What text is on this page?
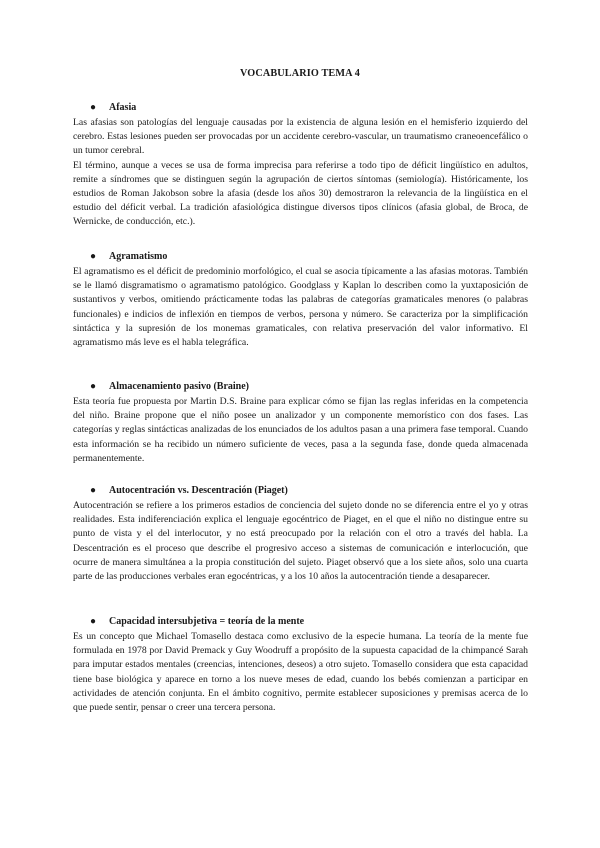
VOCABULARIO TEMA 4
● Afasia

Las afasias son patologías del lenguaje causadas por la existencia de alguna lesión en el hemisferio izquierdo del cerebro. Estas lesiones pueden ser provocadas por un accidente cerebro-vascular, un traumatismo craneoencefálico o un tumor cerebral.

El término, aunque a veces se usa de forma imprecisa para referirse a todo tipo de déficit lingüístico en adultos, remite a síndromes que se distinguen según la agrupación de ciertos síntomas (semiología). Históricamente, los estudios de Roman Jakobson sobre la afasia (desde los años 30) demostraron la relevancia de la lingüística en el estudio del déficit verbal. La tradición afasiológica distingue diversos tipos clínicos (afasia global, de Broca, de Wernicke, de conducción, etc.).

● Agramatismo

El agramatismo es el déficit de predominio morfológico, el cual se asocia típicamente a las afasias motoras. También se le llamó disgramatismo o agramatismo patológico. Goodglass y Kaplan lo describen como la yuxtaposición de sustantivos y verbos, omitiendo prácticamente todas las palabras de categorías gramaticales menores (o palabras funcionales) e indicios de inflexión en tiempos de verbos, persona y número. Se caracteriza por la simplificación sintáctica y la supresión de los monemas gramaticales, con relativa preservación del valor informativo. El agramatismo más leve es el habla telegráfica.

● Almacenamiento pasivo (Braine)

Esta teoría fue propuesta por Martin D.S. Braine para explicar cómo se fijan las reglas inferidas en la competencia del niño. Braine propone que el niño posee un analizador y un componente memorístico con dos fases. Las categorías y reglas sintácticas analizadas de los enunciados de los adultos pasan a una primera fase temporal. Cuando esta información se ha recibido un número suficiente de veces, pasa a la segunda fase, donde queda almacenada permanentemente.

● Autocentración vs. Descentración (Piaget)

Autocentración se refiere a los primeros estadios de conciencia del sujeto donde no se diferencia entre el yo y otras realidades. Esta indiferenciación explica el lenguaje egocéntrico de Piaget, en el que el niño no distingue entre su punto de vista y el del interlocutor, y no está preocupado por la relación con el otro a través del habla. La Descentración es el proceso que describe el progresivo acceso a sistemas de comunicación e interlocución, que ocurre de manera simultánea a la propia constitución del sujeto. Piaget observó que a los siete años, solo una cuarta parte de las producciones verbales eran egocéntricas, y a los 10 años la autocentración tiende a desaparecer.

● Capacidad intersubjetiva = teoría de la mente

Es un concepto que Michael Tomasello destaca como exclusivo de la especie humana. La teoría de la mente fue formulada en 1978 por David Premack y Guy Woodruff a propósito de la supuesta capacidad de la chimpancé Sarah para imputar estados mentales (creencias, intenciones, deseos) a otro sujeto. Tomasello considera que esta capacidad tiene base biológica y aparece en torno a los nueve meses de edad, cuando los bebés comienzan a participar en actividades de atención conjunta. En el ámbito cognitivo, permite establecer suposiciones y premisas acerca de lo que puede sentir, pensar o creer una tercera persona.
